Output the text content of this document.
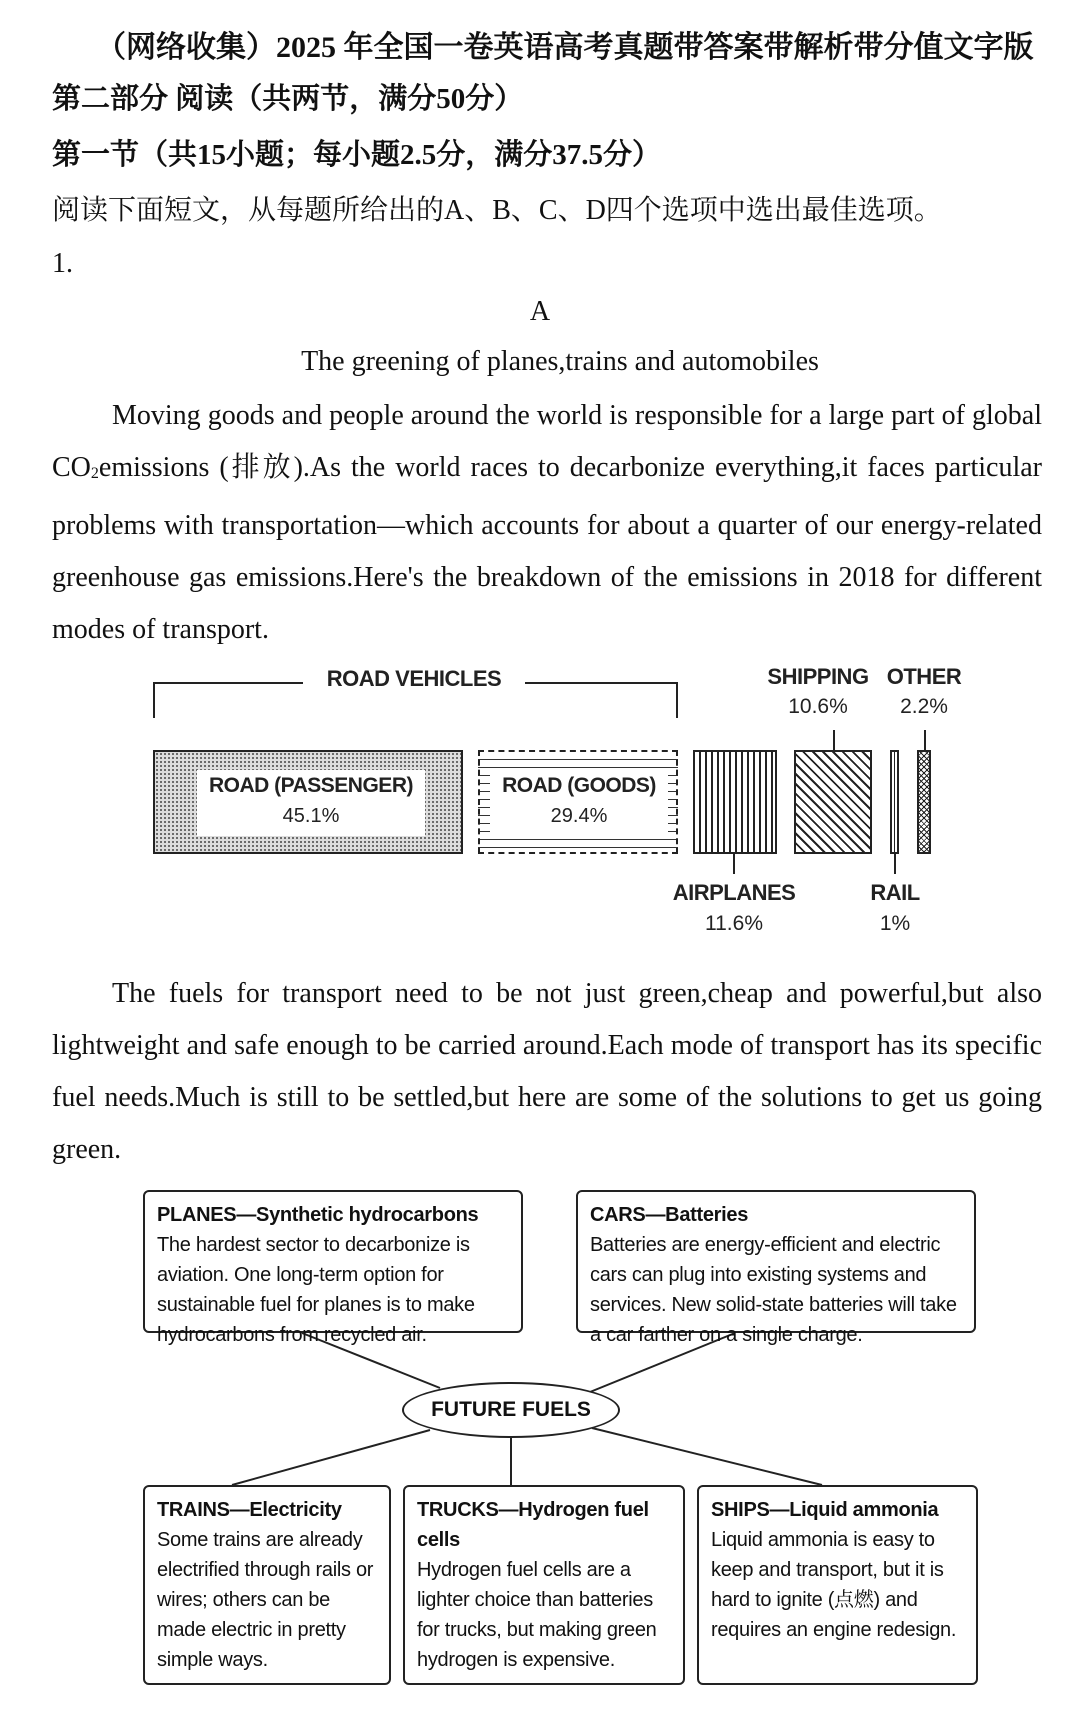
（网络收集）2025 年全国一卷英语高考真题带答案带解析带分值文字版
第二部分 阅读（共两节，满分50分）
第一节（共15小题；每小题2.5分，满分37.5分）
阅读下面短文，从每题所给出的A、B、C、D四个选项中选出最佳选项。
1.
A
The greening of planes,trains and automobiles
Moving goods and people around the world is responsible for a large part of global $CO_2emissions$ (排放).As the world races to decarbonize everything,it faces particular problems with transportation—which accounts for about a quarter of our energy-related greenhouse gas emissions.Here's the breakdown of the emissions in 2018 for different modes of transport.
ROAD VEHICLES
ROAD (PASSENGER)
45.1%
ROAD (GOODS)
29.4%
SHIPPING
10.6%
OTHER
2.2%
AIRPLANES
11.6%
RAIL
1%
The fuels for transport need to be not just green,cheap and powerful,but also lightweight and safe enough to be carried around.Each mode of transport has its specific fuel needs.Much is still to be settled,but here are some of the solutions to get us going green.
PLANES—Synthetic hydrocarbons
The hardest sector to decarbonize is aviation. One long-term option for sustainable fuel for planes is to make hydrocarbons from recycled air.
CARS—Batteries
Batteries are energy-efficient and electric cars can plug into existing systems and services. New solid-state batteries will take a car farther on a single charge.
FUTURE FUELS
TRAINS—Electricity
Some trains are already electrified through rails or wires; others can be made electric in pretty simple ways.
TRUCKS—Hydrogen fuel cells
Hydrogen fuel cells are a lighter choice than batteries for trucks, but making green hydrogen is expensive.
SHIPS—Liquid ammonia
Liquid ammonia is easy to keep and transport, but it is hard to ignite (点燃) and requires an engine redesign.
